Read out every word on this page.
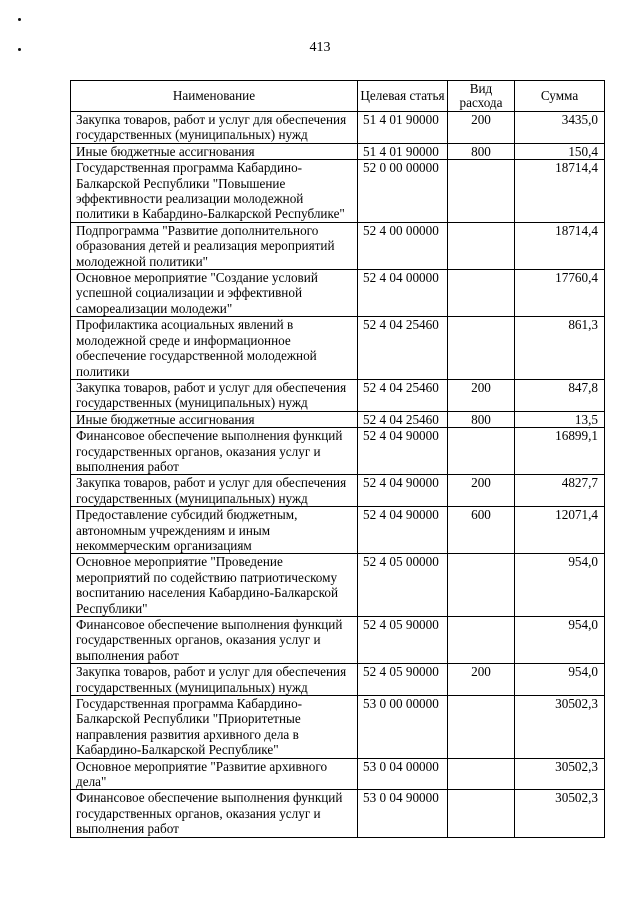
413
Наименование	Целевая статья	Вид расхода	Сумма
Закупка товаров, работ и услуг для обеспечения государственных (муниципальных) нужд	51 4 01 90000	200	3435,0
Иные бюджетные ассигнования	51 4 01 90000	800	150,4
Государственная программа Кабардино-Балкарской Республики "Повышение эффективности реализации молодежной политики в Кабардино-Балкарской Республике"	52 0 00 00000		18714,4
Подпрограмма "Развитие дополнительного образования детей и реализация мероприятий молодежной политики"	52 4 00 00000		18714,4
Основное мероприятие "Создание условий успешной социализации и эффективной самореализации молодежи"	52 4 04 00000		17760,4
Профилактика асоциальных явлений в молодежной среде и информационное обеспечение государственной молодежной политики	52 4 04 25460		861,3
Закупка товаров, работ и услуг для обеспечения государственных (муниципальных) нужд	52 4 04 25460	200	847,8
Иные бюджетные ассигнования	52 4 04 25460	800	13,5
Финансовое обеспечение выполнения функций государственных органов, оказания услуг и выполнения работ	52 4 04 90000		16899,1
Закупка товаров, работ и услуг для обеспечения государственных (муниципальных) нужд	52 4 04 90000	200	4827,7
Предоставление субсидий бюджетным, автономным учреждениям и иным некоммерческим организациям	52 4 04 90000	600	12071,4
Основное мероприятие "Проведение мероприятий по содействию патриотическому воспитанию населения Кабардино-Балкарской Республики"	52 4 05 00000		954,0
Финансовое обеспечение выполнения функций государственных органов, оказания услуг и выполнения работ	52 4 05 90000		954,0
Закупка товаров, работ и услуг для обеспечения государственных (муниципальных) нужд	52 4 05 90000	200	954,0
Государственная программа Кабардино-Балкарской Республики "Приоритетные направления развития архивного дела в Кабардино-Балкарской Республике"	53 0 00 00000		30502,3
Основное мероприятие "Развитие архивного дела"	53 0 04 00000		30502,3
Финансовое обеспечение выполнения функций государственных органов, оказания услуг и выполнения работ	53 0 04 90000		30502,3
